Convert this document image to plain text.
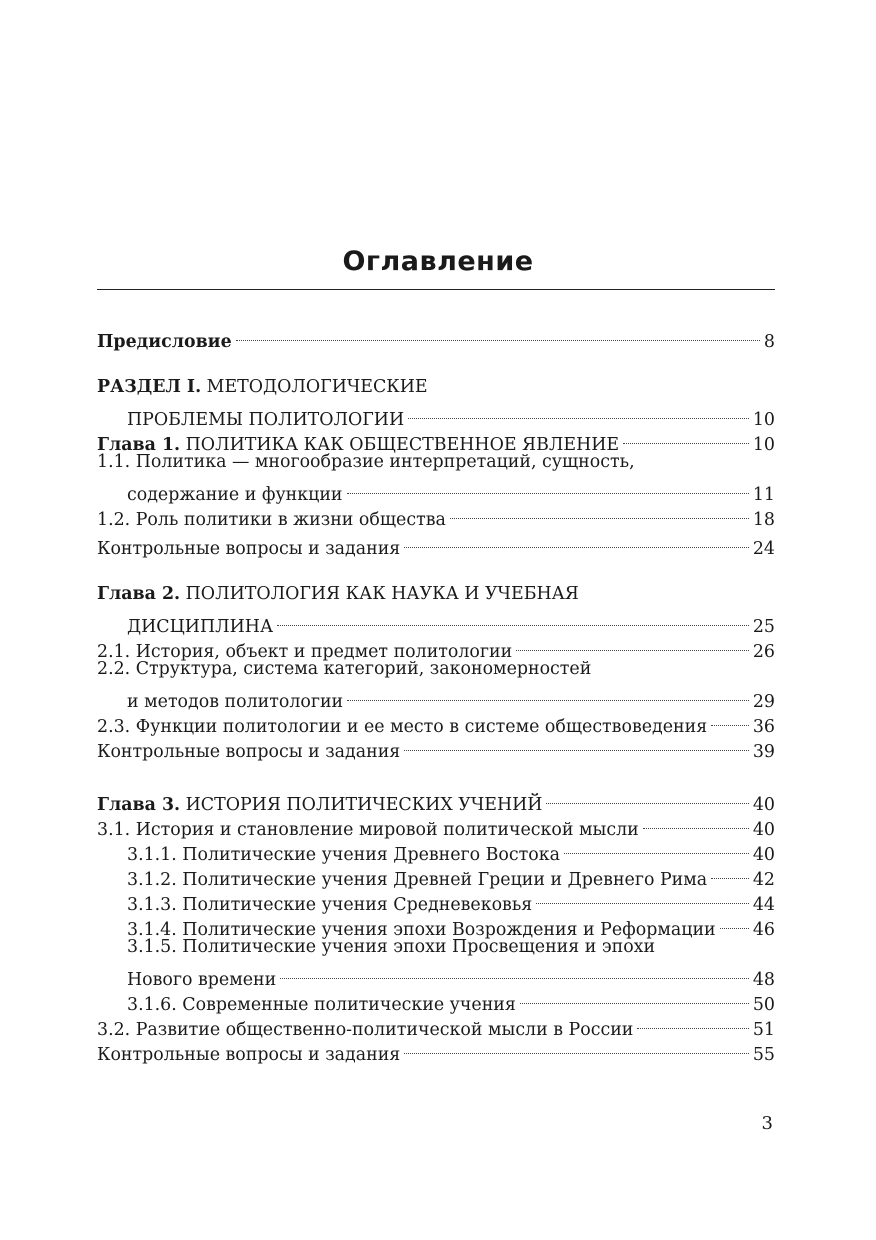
Оглавление
Предисловие	8
РАЗДЕЛ I. МЕТОДОЛОГИЧЕСКИЕ
ПРОБЛЕМЫ ПОЛИТОЛОГИИ	10
Глава 1. ПОЛИТИКА КАК ОБЩЕСТВЕННОЕ ЯВЛЕНИЕ	10
1.1. Политика — многообразие интерпретаций, сущность,
содержание и функции	11
1.2. Роль политики в жизни общества	18
Контрольные вопросы и задания	24
Глава 2. ПОЛИТОЛОГИЯ КАК НАУКА И УЧЕБНАЯ
ДИСЦИПЛИНА	25
2.1. История, объект и предмет политологии	26
2.2. Структура, система категорий, закономерностей
и методов политологии	29
2.3. Функции политологии и ее место в системе обществоведения	36
Контрольные вопросы и задания	39
Глава 3. ИСТОРИЯ ПОЛИТИЧЕСКИХ УЧЕНИЙ	40
3.1. История и становление мировой политической мысли	40
3.1.1. Политические учения Древнего Востока	40
3.1.2. Политические учения Древней Греции и Древнего Рима	42
3.1.3. Политические учения Средневековья	44
3.1.4. Политические учения эпохи Возрождения и Реформации 46
3.1.5. Политические учения эпохи Просвещения и эпохи
Нового времени	48
3.1.6. Современные политические учения	50
3.2. Развитие общественно-политической мысли в России	51
Контрольные вопросы и задания	55
3
